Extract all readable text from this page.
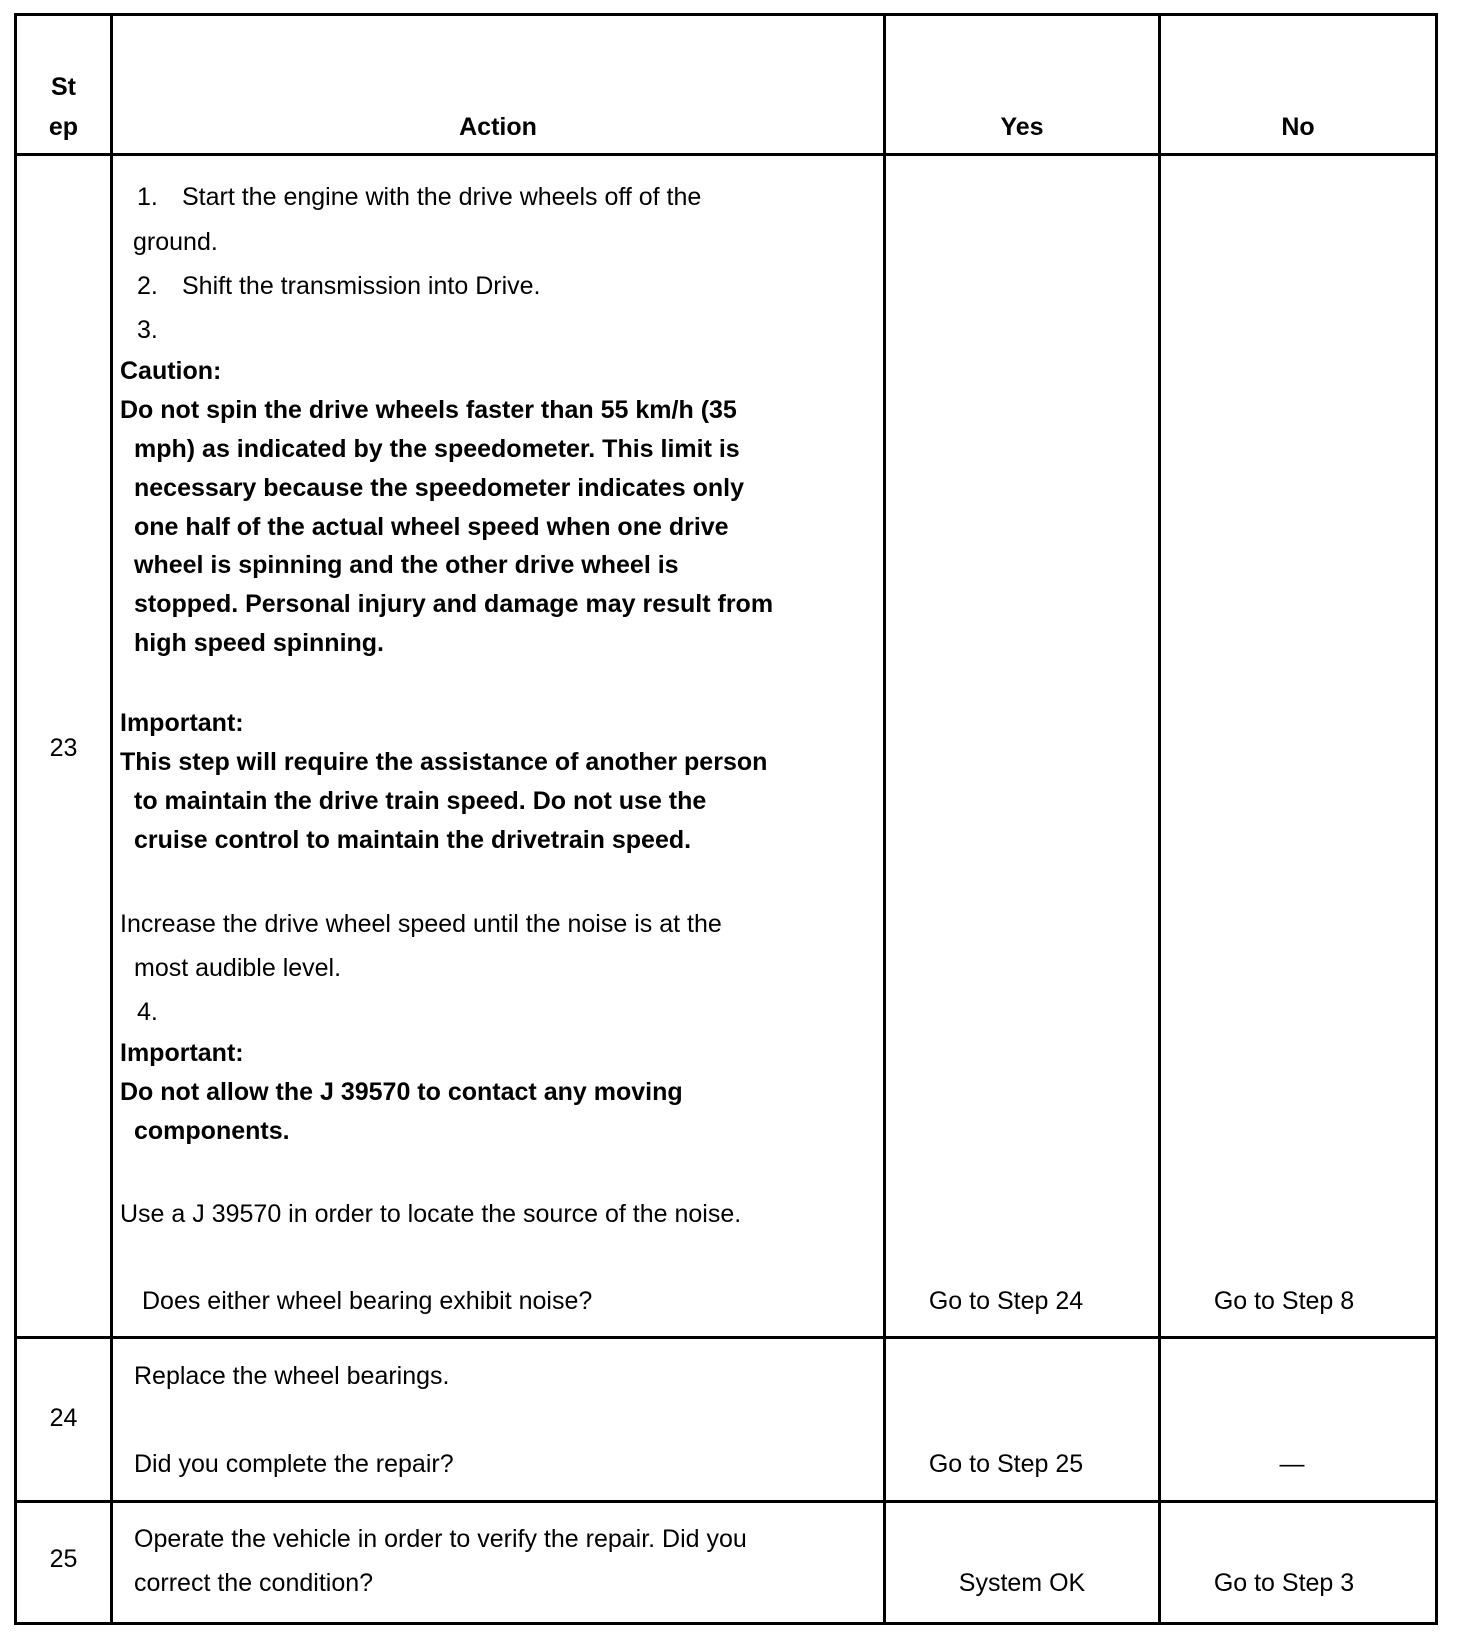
St
ep	Action	Yes	No
23
1. Start the engine with the drive wheels off of the
ground.
2. Shift the transmission into Drive.
3.
Caution:
Do not spin the drive wheels faster than 55 km/h (35
mph) as indicated by the speedometer. This limit is
necessary because the speedometer indicates only
one half of the actual wheel speed when one drive
wheel is spinning and the other drive wheel is
stopped. Personal injury and damage may result from
high speed spinning.
Important:
This step will require the assistance of another person
to maintain the drive train speed. Do not use the
cruise control to maintain the drivetrain speed.
Increase the drive wheel speed until the noise is at the
most audible level.
4.
Important:
Do not allow the J 39570 to contact any moving
components.
Use a J 39570 in order to locate the source of the noise.
Does either wheel bearing exhibit noise?	Go to Step 24	Go to Step 8
24
Replace the wheel bearings.
Did you complete the repair?	Go to Step 25	—
25
Operate the vehicle in order to verify the repair. Did you
correct the condition?	System OK	Go to Step 3
